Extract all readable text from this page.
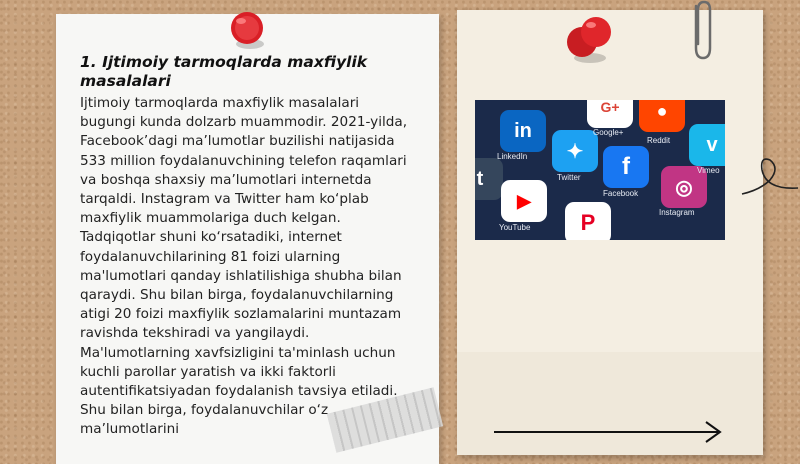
1. Ijtimoiy tarmoqlarda maxfiylik masalalari

Ijtimoiy tarmoqlarda maxfiylik masalalari bugungi kunda dolzarb muammodir. 2021-yilda, Facebook’dagi ma’lumotlar buzilishi natijasida 533 million foydalanuvchining telefon raqamlari va boshqa shaxsiy ma’lumotlari internetda tarqaldi. Instagram va Twitter ham ko‘plab maxfiylik muammolariga duch kelgan. Tadqiqotlar shuni ko‘rsatadiki, internet foydalanuvchilarining 81 foizi ularning ma'lumotlari qanday ishlatilishiga shubha bilan qaraydi. Shu bilan birga, foydalanuvchilarning atigi 20 foizi maxfiylik sozlamalarini muntazam ravishda tekshiradi va yangilaydi. Ma'lumotlarning xavfsizligini ta'minlash uchun kuchli parollar yaratish va ikki faktorli autentifikatsiyadan foydalanish tavsiya etiladi. Shu bilan birga, foydalanuvchilar o‘z ma’lumotlarini

G+	●
in
✦	v
f
◎
t
▶
P
Google+
Reddit
LinkedIn
Twitter
Facebook
Instagram
YouTube
Vimeo
